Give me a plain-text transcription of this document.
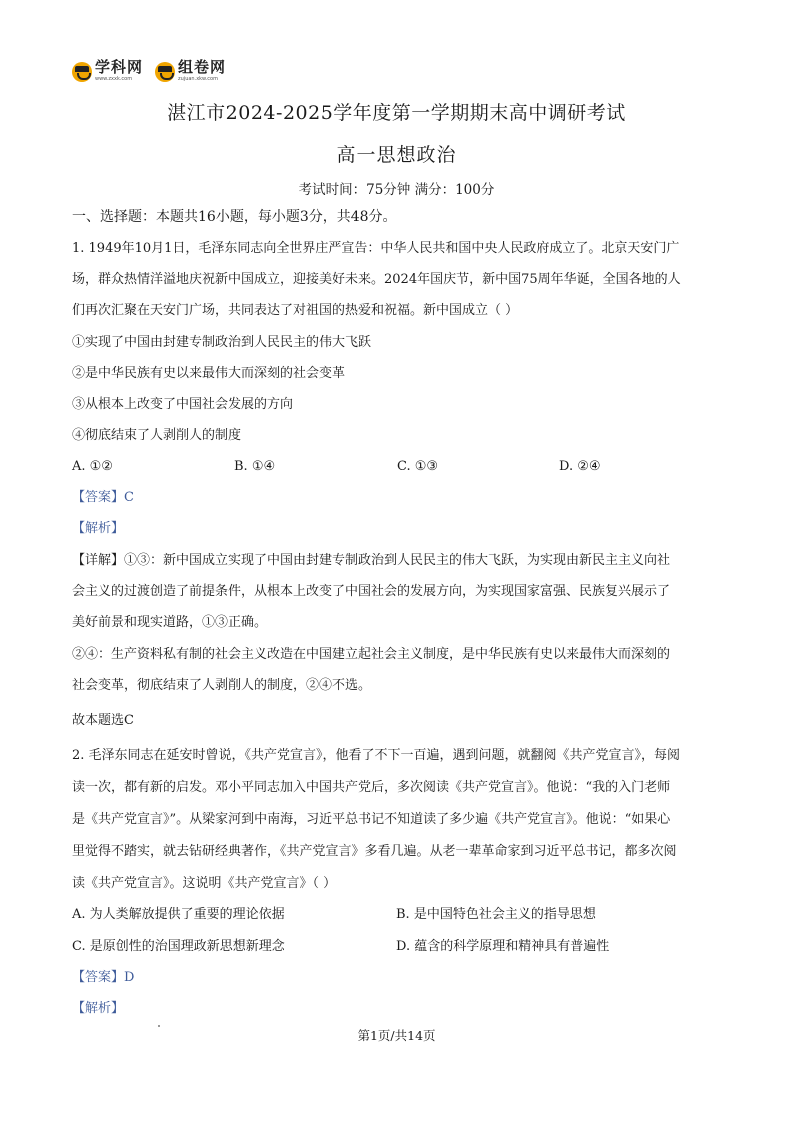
学科网
www.zxxk.com
组卷网
zujuan.xkw.com
湛江市2024-2025学年度第一学期期末高中调研考试
高一思想政治
考试时间：75分钟 满分：100分
一、选择题：本题共16小题，每小题3分，共48分。
1. 1949年10月1日，毛泽东同志向全世界庄严宣告：中华人民共和国中央人民政府成立了。北京天安门广
场，群众热情洋溢地庆祝新中国成立，迎接美好未来。2024年国庆节，新中国75周年华诞，全国各地的人
们再次汇聚在天安门广场，共同表达了对祖国的热爱和祝福。新中国成立（ ）
①实现了中国由封建专制政治到人民民主的伟大飞跃
②是中华民族有史以来最伟大而深刻的社会变革
③从根本上改变了中国社会发展的方向
④彻底结束了人剥削人的制度
A. ①②	B. ①④	C. ①③	D. ②④
【答案】C
【解析】
【详解】①③：新中国成立实现了中国由封建专制政治到人民民主的伟大飞跃，为实现由新民主主义向社
会主义的过渡创造了前提条件，从根本上改变了中国社会的发展方向，为实现国家富强、民族复兴展示了
美好前景和现实道路，①③正确。
②④：生产资料私有制的社会主义改造在中国建立起社会主义制度，是中华民族有史以来最伟大而深刻的
社会变革，彻底结束了人剥削人的制度，②④不选。
故本题选C
2. 毛泽东同志在延安时曾说，《共产党宣言》，他看了不下一百遍，遇到问题，就翻阅《共产党宣言》，每阅
读一次，都有新的启发。邓小平同志加入中国共产党后，多次阅读《共产党宣言》。他说：“我的入门老师
是《共产党宣言》”。从梁家河到中南海，习近平总书记不知道读了多少遍《共产党宣言》。他说：“如果心
里觉得不踏实，就去钻研经典著作，《共产党宣言》多看几遍。从老一辈革命家到习近平总书记，都多次阅
读《共产党宣言》。这说明《共产党宣言》（ ）
A. 为人类解放提供了重要的理论依据	B. 是中国特色社会主义的指导思想
C. 是原创性的治国理政新思想新理念	D. 蕴含的科学原理和精神具有普遍性
【答案】D
【解析】
第1页/共14页
